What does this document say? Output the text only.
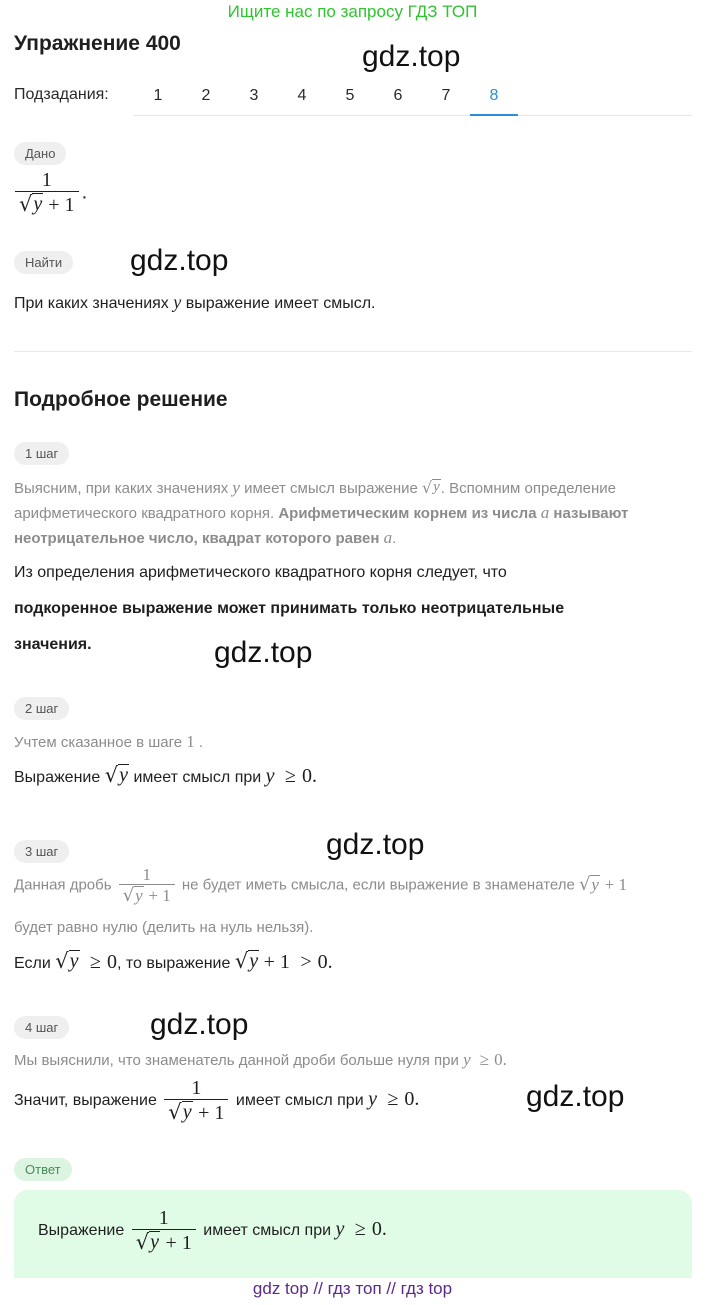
Ищите нас по запросу ГДЗ ТОП
Упражнение 400	gdz.top
Подзадания:	1	2	3	4	5	6	7	8
Дано
$\frac{1}{√ y + 1}$ .
Найти	gdz.top
При каких значениях y выражение имеет смысл.
Подробное решение
1 шаг
Выясним, при каких значениях y имеет смысл выражение √ y . Вспомним определение
арифметического квадратного корня. Арифметическим корнем из числа a называют
неотрицательное число, квадрат которого равен a.
Из определения арифметического квадратного корня следует, что
подкоренное выражение может принимать только неотрицательные
значения.	gdz.top
2 шаг
Учтем сказанное в шаге 1 .
Выражение √ y имеет смысл при y ≥ 0.
3 шаг	gdz.top
Данная дробь $\frac{1}{√ y + 1}$ не будет иметь смысла, если выражение в знаменателе √ y + 1
будет равно нулю (делить на нуль нельзя).
Если √ y ≥ 0, то выражение √ y + 1 > 0.
4 шаг	gdz.top
Мы выяснили, что знаменатель данной дроби больше нуля при y ≥ 0.
Значит, выражение $\frac{1}{√ y + 1}$ имеет смысл при y ≥ 0.	gdz.top
Ответ
Выражение $\frac{1}{√ y + 1}$ имеет смысл при y ≥ 0.
gdz top // гдз топ // гдз top
